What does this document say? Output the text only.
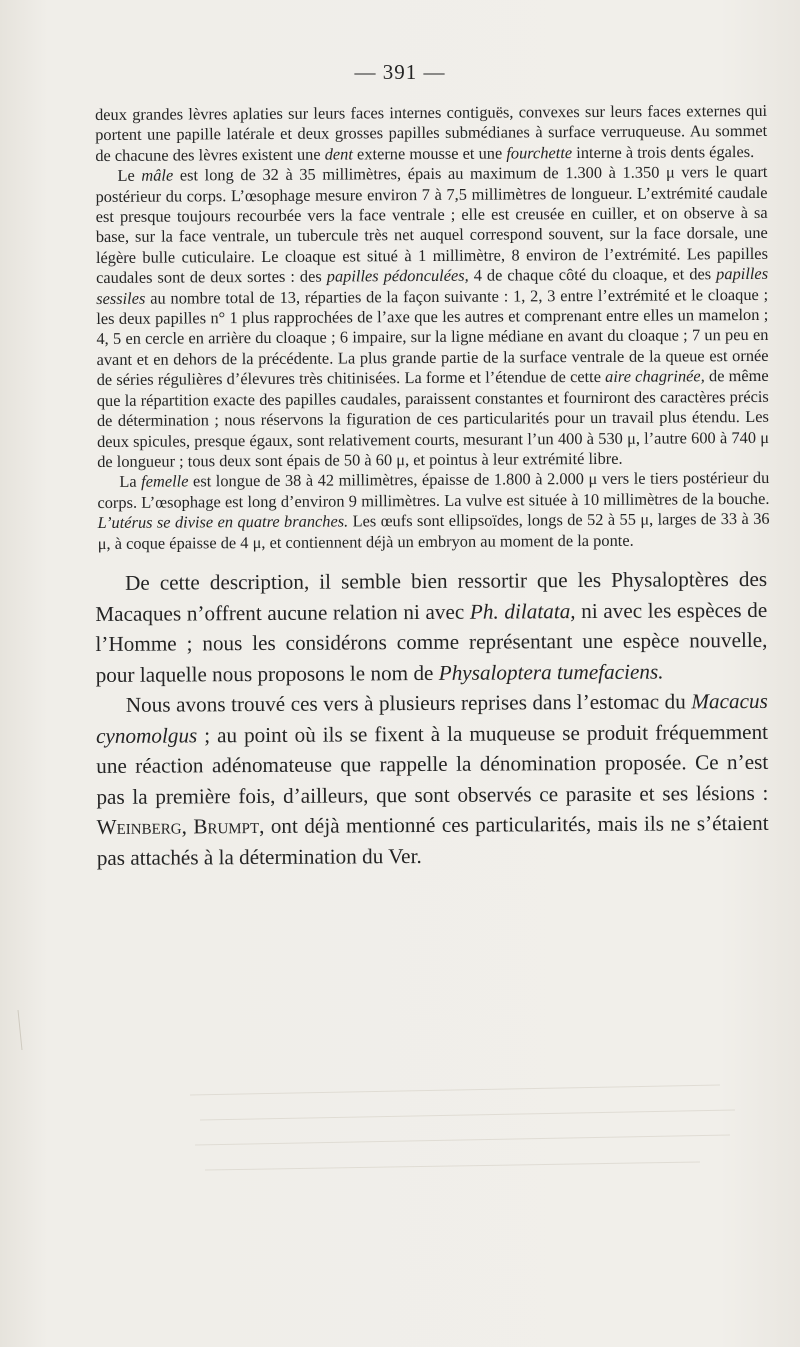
— 391 —

deux grandes lèvres aplaties sur leurs faces internes contiguës, convexes sur leurs faces externes qui portent une papille latérale et deux grosses papilles submédianes à surface verruqueuse. Au sommet de chacune des lèvres existent une dent externe mousse et une fourchette interne à trois dents égales.

Le mâle est long de 32 à 35 millimètres, épais au maximum de 1.300 à 1.350 μ vers le quart postérieur du corps. L’œsophage mesure environ 7 à 7,5 millimètres de longueur. L’extrémité caudale est presque toujours recourbée vers la face ventrale ; elle est creusée en cuiller, et on observe à sa base, sur la face ventrale, un tubercule très net auquel correspond souvent, sur la face dorsale, une légère bulle cuticulaire. Le cloaque est situé à 1 millimètre, 8 environ de l’extrémité. Les papilles caudales sont de deux sortes : des papilles pédonculées, 4 de chaque côté du cloaque, et des papilles sessiles au nombre total de 13, réparties de la façon suivante : 1, 2, 3 entre l’extrémité et le cloaque ; les deux papilles n° 1 plus rapprochées de l’axe que les autres et comprenant entre elles un mamelon ; 4, 5 en cercle en arrière du cloaque ; 6 impaire, sur la ligne médiane en avant du cloaque ; 7 un peu en avant et en dehors de la précédente. La plus grande partie de la surface ventrale de la queue est ornée de séries régulières d’élevures très chitinisées. La forme et l’étendue de cette aire chagrinée, de même que la répartition exacte des papilles caudales, paraissent constantes et fourniront des caractères précis de détermination ; nous réservons la figuration de ces particularités pour un travail plus étendu. Les deux spicules, presque égaux, sont relativement courts, mesurant l’un 400 à 530 μ, l’autre 600 à 740 μ de longueur ; tous deux sont épais de 50 à 60 μ, et pointus à leur extrémité libre.

La femelle est longue de 38 à 42 millimètres, épaisse de 1.800 à 2.000 μ vers le tiers postérieur du corps. L’œsophage est long d’environ 9 millimètres. La vulve est située à 10 millimètres de la bouche. L’utérus se divise en quatre branches. Les œufs sont ellipsoïdes, longs de 52 à 55 μ, larges de 33 à 36 μ, à coque épaisse de 4 μ, et contiennent déjà un embryon au moment de la ponte.

De cette description, il semble bien ressortir que les Physaloptères des Macaques n’offrent aucune relation ni avec Ph. dilatata, ni avec les espèces de l’Homme ; nous les considérons comme représentant une espèce nouvelle, pour laquelle nous proposons le nom de Physaloptera tumefaciens.

Nous avons trouvé ces vers à plusieurs reprises dans l’estomac du Macacus cynomolgus ; au point où ils se fixent à la muqueuse se produit fréquemment une réaction adénomateuse que rappelle la dénomination proposée. Ce n’est pas la première fois, d’ailleurs, que sont observés ce parasite et ses lésions : Weinberg, Brumpt, ont déjà mentionné ces particularités, mais ils ne s’étaient pas attachés à la détermination du Ver.
